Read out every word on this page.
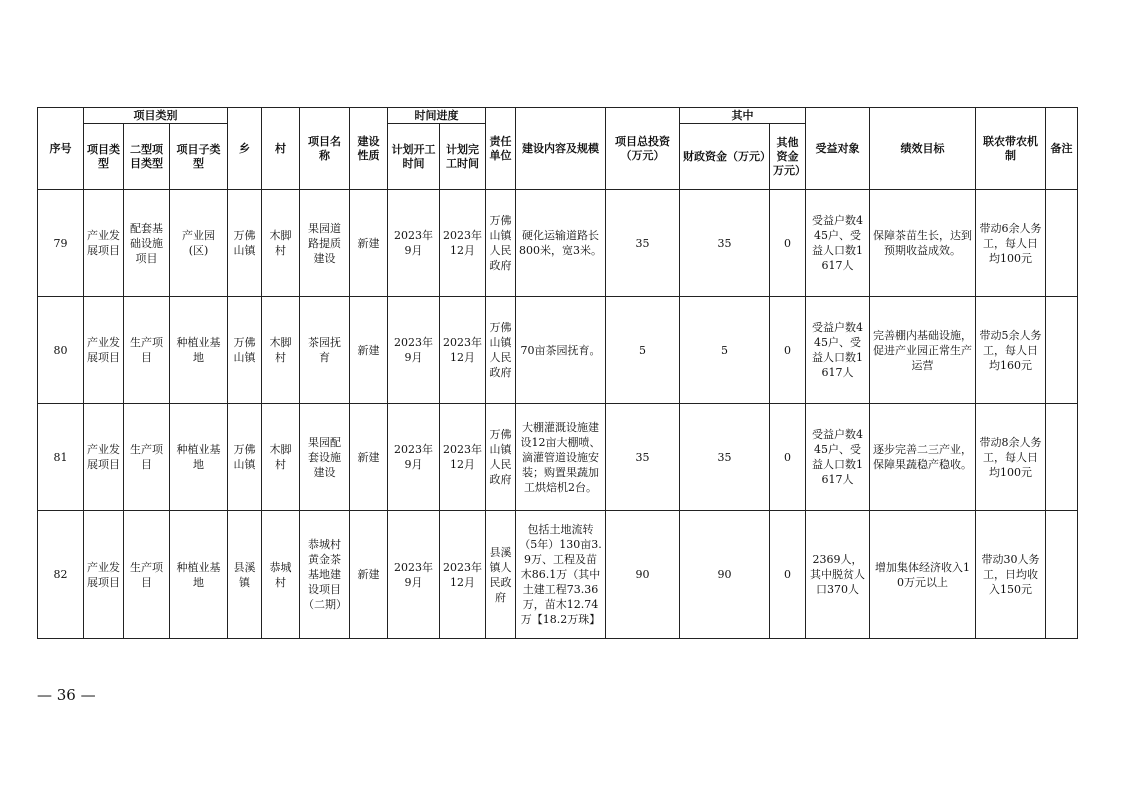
序号	项目类别			乡	村	项目名称	建设性质	时间进度		责任单位	建设内容及规模	项目总投资（万元）	其中		受益对象	绩效目标	联农带农机制	备注
	项目类型	二型项目类型	项目子类型					计划开工时间	计划完工时间				财政资金（万元）	其他资金万元）				
79	产业发展项目	配套基础设施项目	产业园(区)	万佛山镇	木脚村	果园道路提质建设	新建	2023年9月	2023年12月	万佛山镇人民政府	硬化运输道路长800米，宽3米。	35	35	0	受益户数445户、受益人口数1617人	保障茶苗生长，达到预期收益成效。	带动6余人务工，每人日均100元	
80	产业发展项目	生产项目	种植业基地	万佛山镇	木脚村	茶园抚育	新建	2023年9月	2023年12月	万佛山镇人民政府	70亩茶园抚育。	5	5	0	受益户数445户、受益人口数1617人	完善棚内基础设施，促进产业园正常生产运营	带动5余人务工，每人日均160元	
81	产业发展项目	生产项目	种植业基地	万佛山镇	木脚村	果园配套设施建设	新建	2023年9月	2023年12月	万佛山镇人民政府	大棚灌溉设施建设12亩大棚喷、滴灌管道设施安装；购置果蔬加工烘焙机2台。	35	35	0	受益户数445户、受益人口数1617人	逐步完善二三产业，保障果蔬稳产稳收。	带动8余人务工，每人日均100元	
82	产业发展项目	生产项目	种植业基地	县溪镇	恭城村	恭城村黄金茶基地建设项目（二期）	新建	2023年9月	2023年12月	县溪镇人民政府	包括土地流转（5年）130亩3.9万、工程及苗木86.1万（其中土建工程73.36万，苗木12.74万【18.2万珠】	90	90	0	2369人，其中脱贫人口370人	增加集体经济收入10万元以上	带动30人务工，日均收入150元	
— 36 —
